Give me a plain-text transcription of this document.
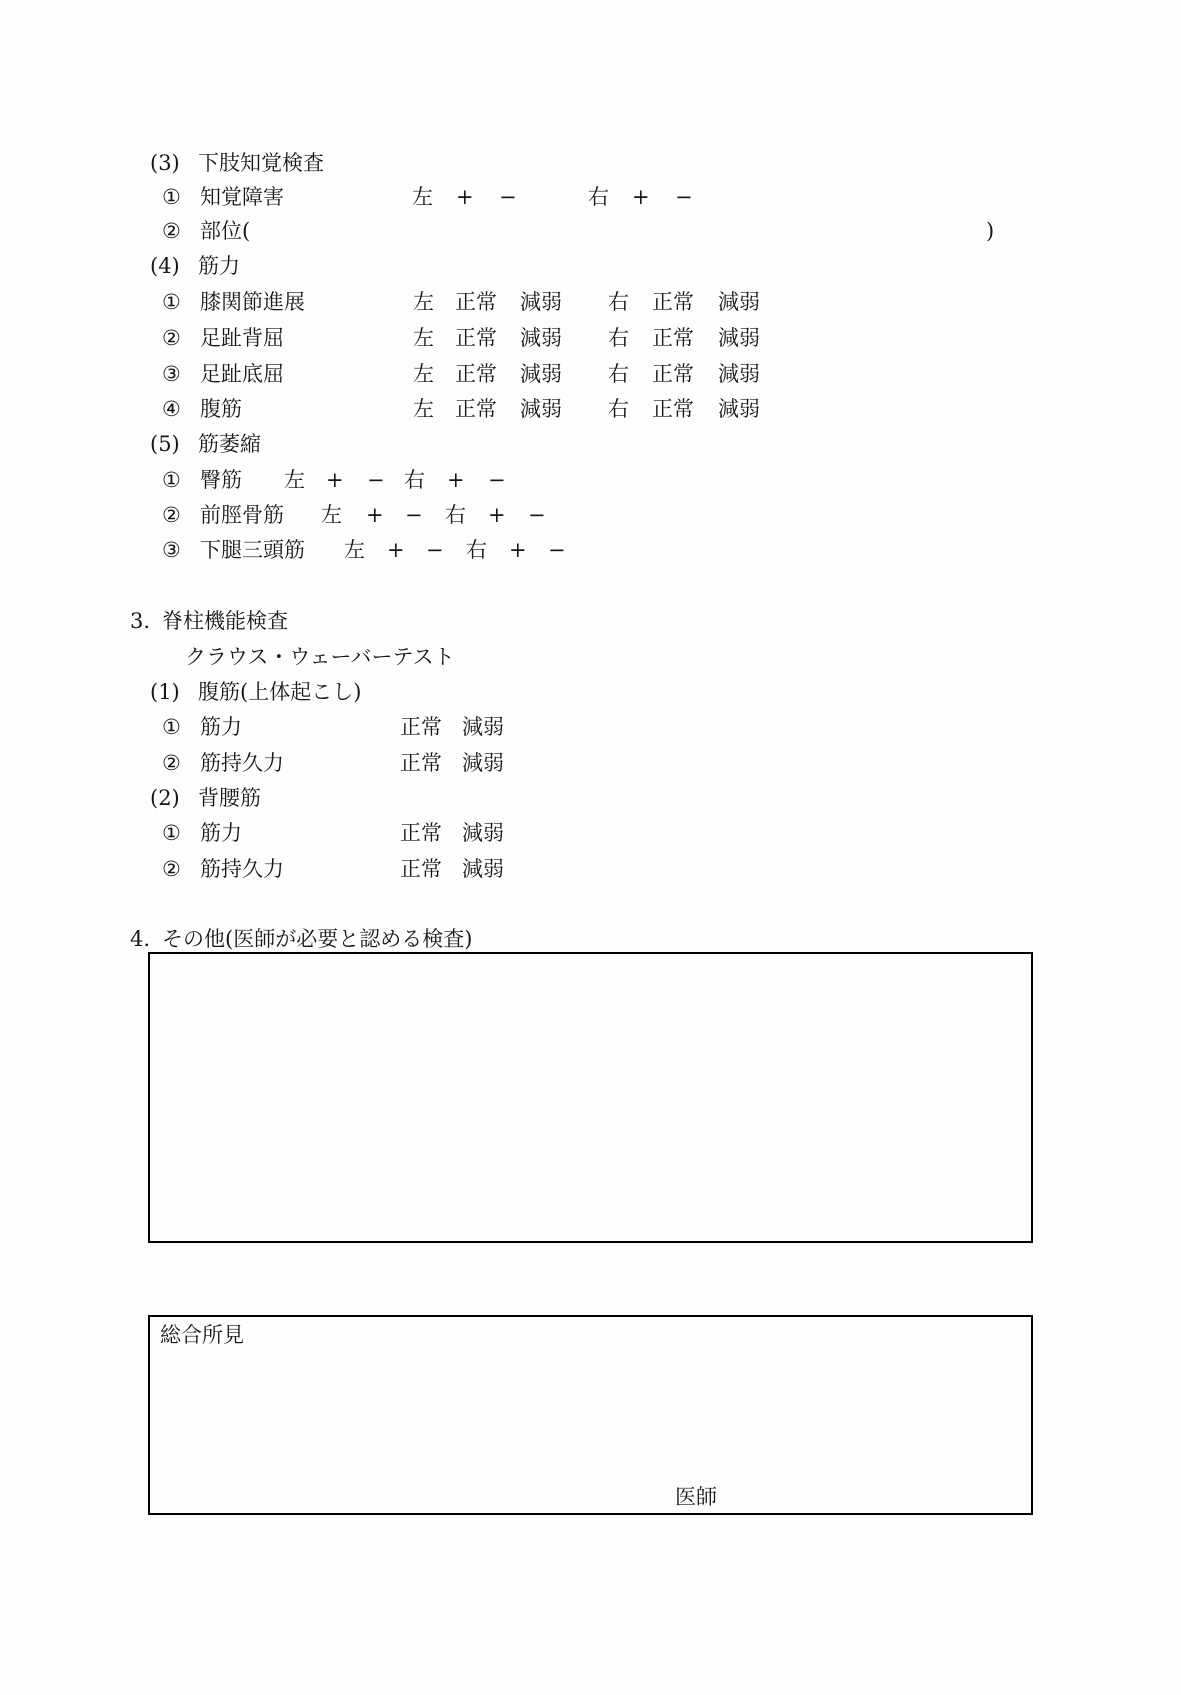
(3) 下肢知覚検査
① 知覚障害	左 + −	右 + −
② 部位(	)
(4) 筋力
① 膝関節進展	左 正常 減弱 右 正常 減弱
② 足趾背屈	左 正常 減弱 右 正常 減弱
③ 足趾底屈	左 正常 減弱 右 正常 減弱
④ 腹筋	左 正常 減弱 右 正常 減弱
(5) 筋萎縮
① 臀筋 左 + − 右 + −
② 前脛骨筋 左 + − 右 + −
③ 下腿三頭筋 左 + − 右 + −
3. 脊柱機能検査
クラウス・ウェーバーテスト
(1) 腹筋(上体起こし)
① 筋力	正常 減弱
② 筋持久力	正常 減弱
(2) 背腰筋
① 筋力	正常 減弱
② 筋持久力	正常 減弱
4. その他(医師が必要と認める検査)
総合所見
医師
